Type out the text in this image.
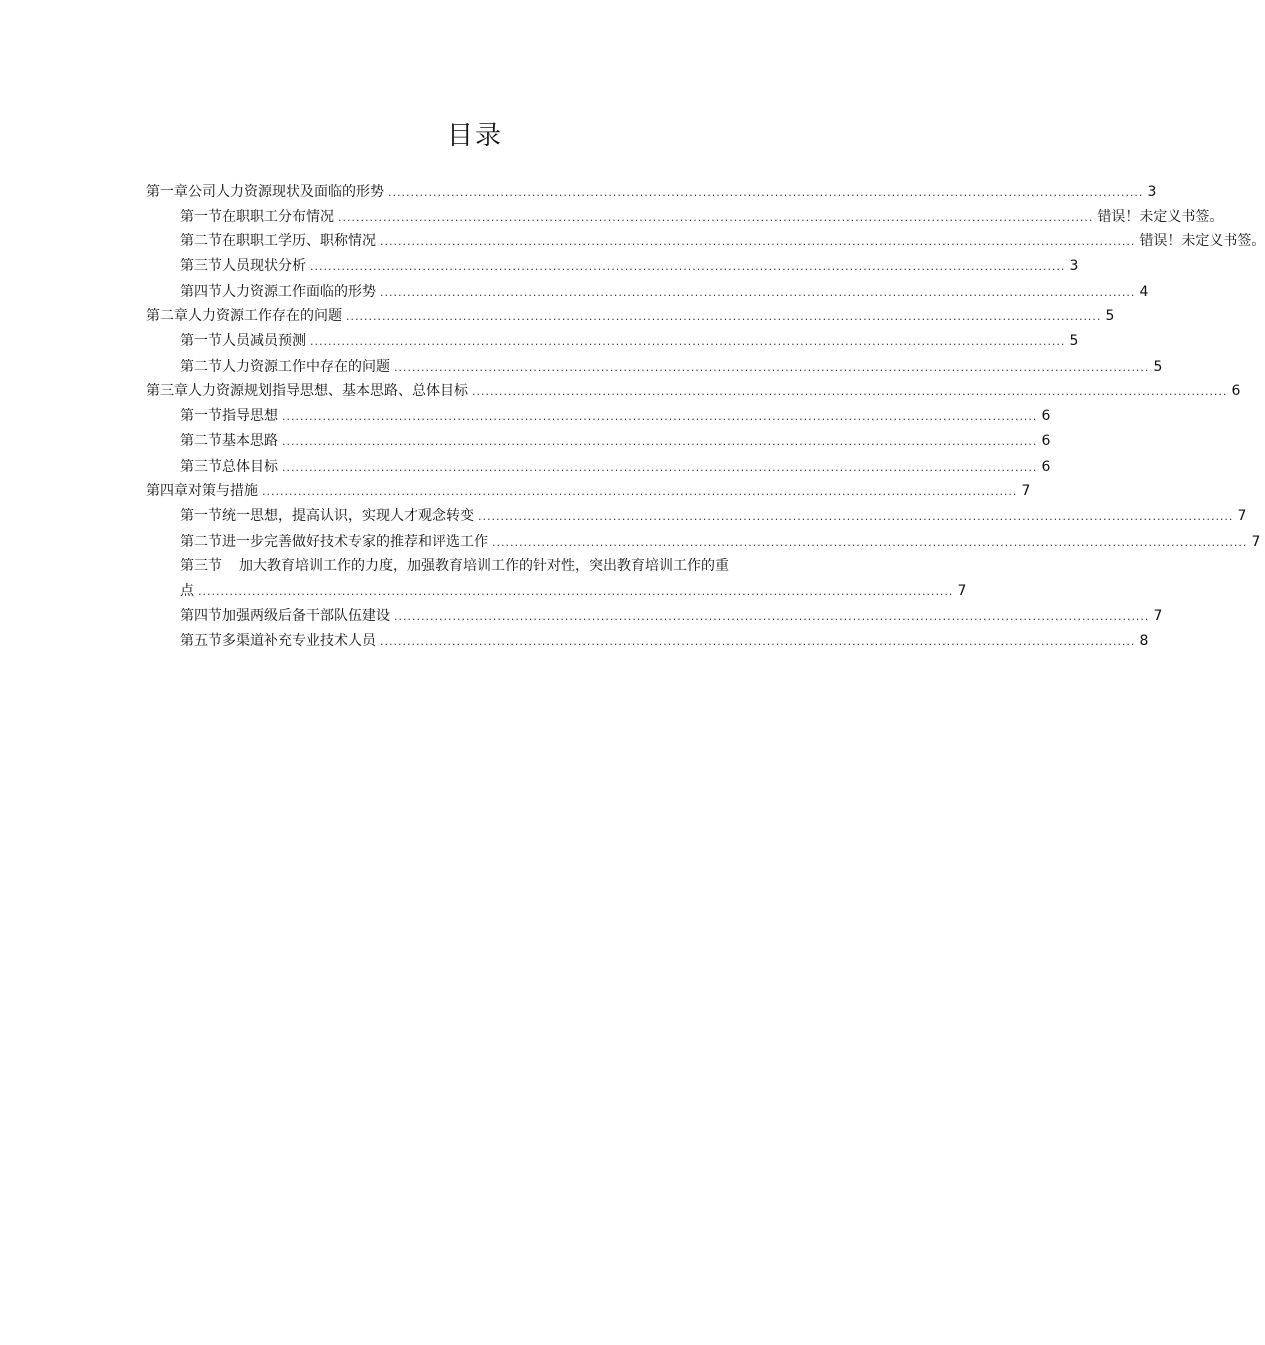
目录
第一章 公司人力资源现状及面临的形势 ........................................................................................................................................................................ 3
第一节 在职职工分布情况 ........................................................................................................................................................................ 错误！未定义书签。
第二节 在职职工学历、职称情况 ........................................................................................................................................................................ 错误！未定义书签。
第三节 人员现状分析 ........................................................................................................................................................................ 3
第四节 人力资源工作面临的形势 ........................................................................................................................................................................ 4
第二章 人力资源工作存在的问题 ........................................................................................................................................................................ 5
第一节 人员减员预测 ........................................................................................................................................................................ 5
第二节 人力资源工作中存在的问题 ........................................................................................................................................................................ 5
第三章 人力资源规划指导思想、基本思路、总体目标 ........................................................................................................................................................................ 6
第一节 指导思想 ........................................................................................................................................................................ 6
第二节 基本思路 ........................................................................................................................................................................ 6
第三节 总体目标 ........................................................................................................................................................................ 6
第四章 对策与措施 ........................................................................................................................................................................ 7
第一节 统一思想，提高认识，实现人才观念转变 ........................................................................................................................................................................ 7
第二节 进一步完善做好技术专家的推荐和评选工作 ........................................................................................................................................................................ 7
第三节 加大教育培训工作的力度，加强教育培训工作的针对性，突出教育培训工作的重
点 ........................................................................................................................................................................ 7
第四节 加强两级后备干部队伍建设 ........................................................................................................................................................................ 7
第五节 多渠道补充专业技术人员 ........................................................................................................................................................................ 8
